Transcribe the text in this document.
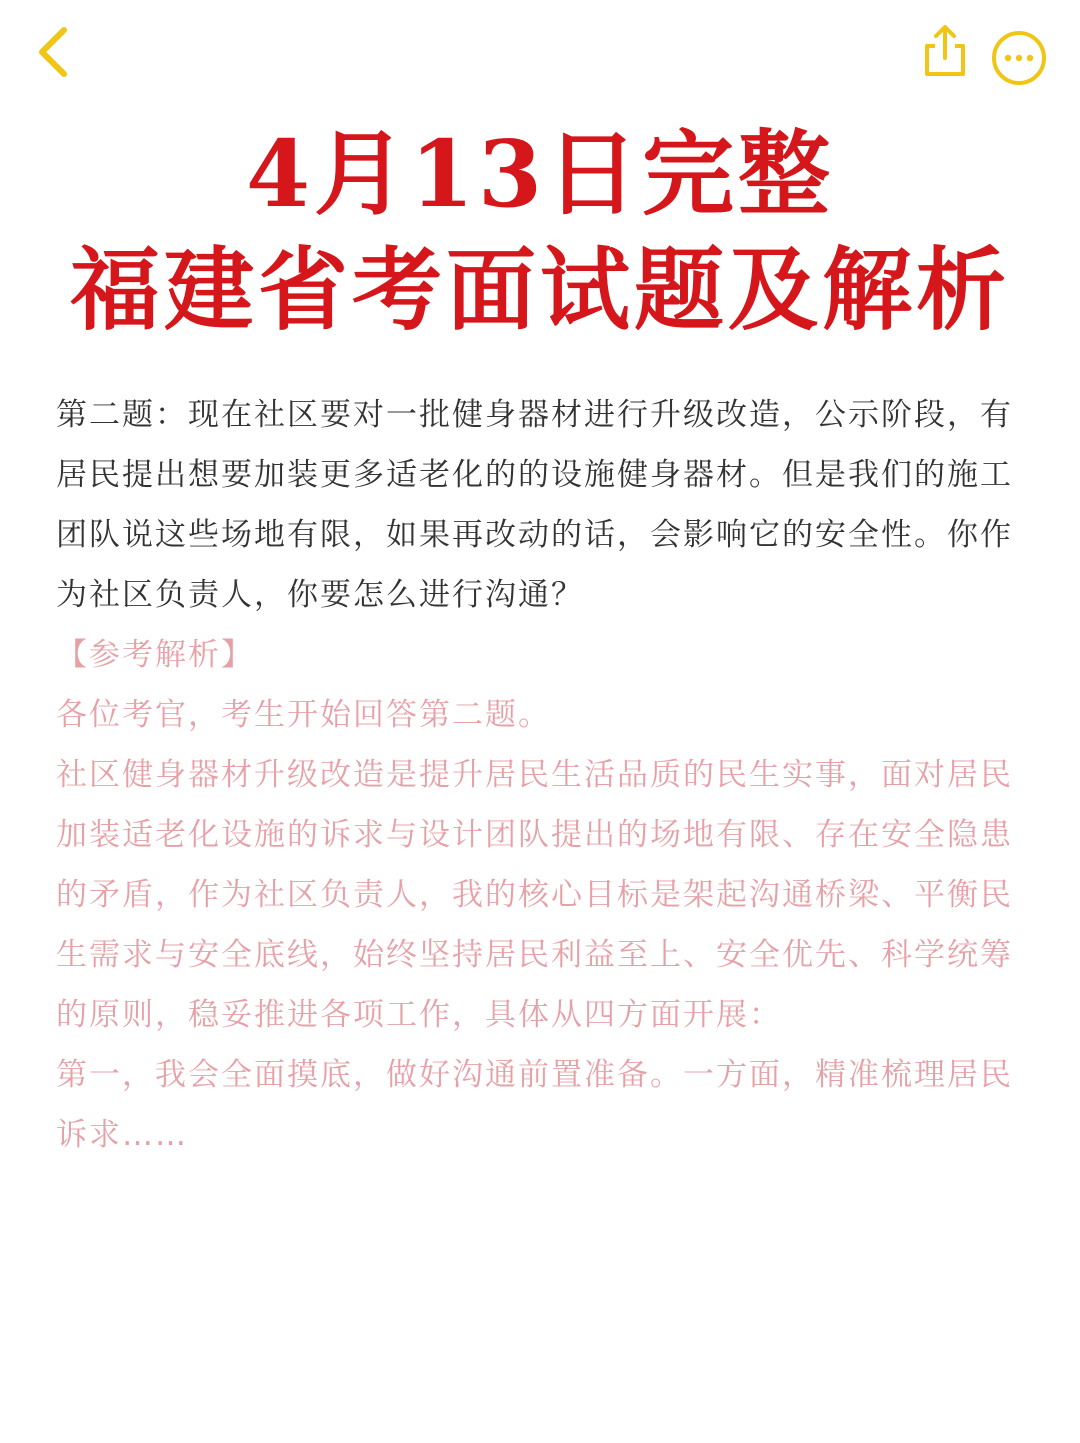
4月13日完整
福建省考面试题及解析

第二题：现在社区要对一批健身器材进行升级改造，公示阶段，有居民提出想要加装更多适老化的的设施健身器材。但是我们的施工团队说这些场地有限，如果再改动的话，会影响它的安全性。你作为社区负责人，你要怎么进行沟通？

【参考解析】

各位考官，考生开始回答第二题。

社区健身器材升级改造是提升居民生活品质的民生实事，面对居民加装适老化设施的诉求与设计团队提出的场地有限、存在安全隐患的矛盾，作为社区负责人，我的核心目标是架起沟通桥梁、平衡民生需求与安全底线，始终坚持居民利益至上、安全优先、科学统筹的原则，稳妥推进各项工作，具体从四方面开展：

第一，我会全面摸底，做好沟通前置准备。一方面，精准梳理居民诉求……
